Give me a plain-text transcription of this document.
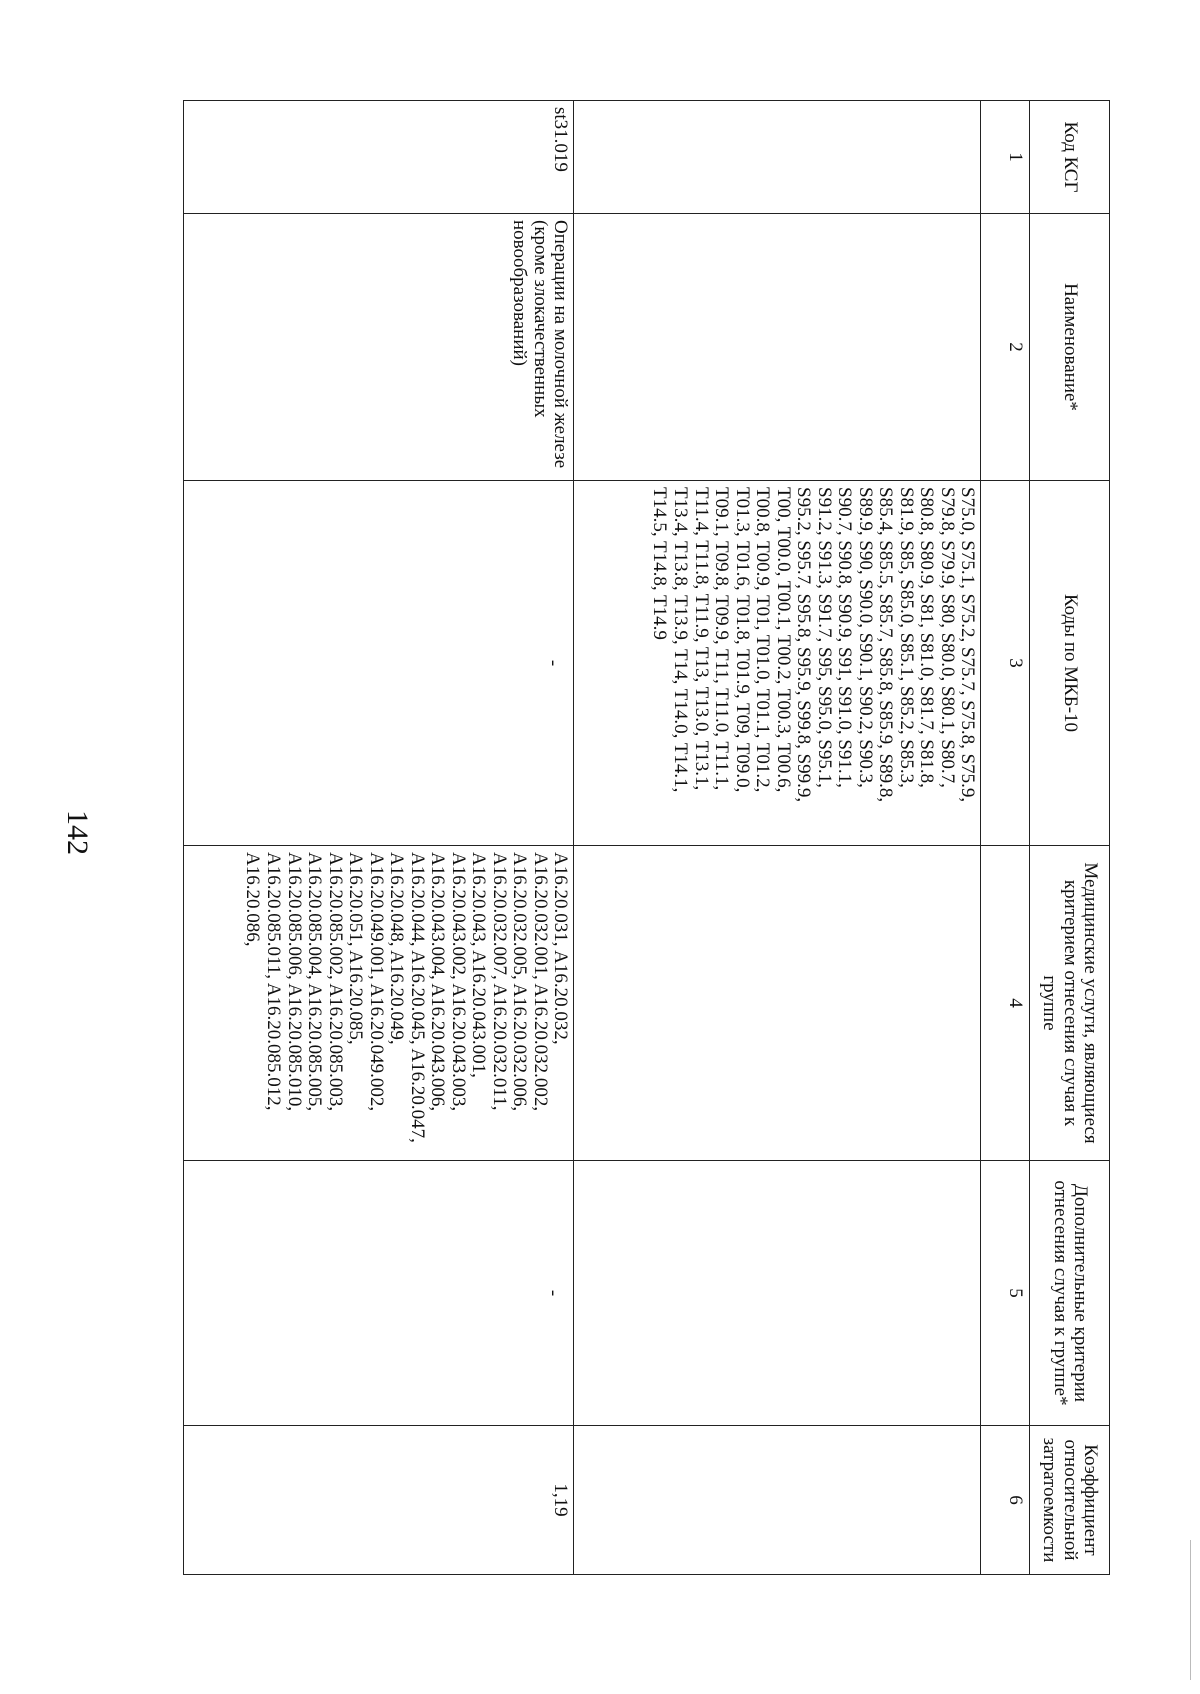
142
Код КСГ	Наименование*	Коды по МКБ-10	Медицинские услуги, являющиеся критерием отнесения случая к группе	Дополнительные критерии отнесения случая к группе*	Коэффициент относительной затратоемкости
1	2	3	4	5	6
		S75.0, S75.1, S75.2, S75.7, S75.8, S75.9, S79.8, S79.9, S80, S80.0, S80.1, S80.7, S80.8, S80.9, S81, S81.0, S81.7, S81.8, S81.9, S85, S85.0, S85.1, S85.2, S85.3, S85.4, S85.5, S85.7, S85.8, S85.9, S89.8, S89.9, S90, S90.0, S90.1, S90.2, S90.3, S90.7, S90.8, S90.9, S91, S91.0, S91.1, S91.2, S91.3, S91.7, S95, S95.0, S95.1, S95.2, S95.7, S95.8, S95.9, S99.8, S99.9, T00, T00.0, T00.1, T00.2, T00.3, T00.6, T00.8, T00.9, T01, T01.0, T01.1, T01.2, T01.3, T01.6, T01.8, T01.9, T09, T09.0, T09.1, T09.8, T09.9, T11, T11.0, T11.1, T11.4, T11.8, T11.9, T13, T13.0, T13.1, T13.4, T13.8, T13.9, T14, T14.0, T14.1, T14.5, T14.8, T14.9			
st31.019	Операции на молочной железе (кроме злокачественных новообразований)	-	A16.20.031, A16.20.032, A16.20.032.001, A16.20.032.002, A16.20.032.005, A16.20.032.006, A16.20.032.007, A16.20.032.011, A16.20.043, A16.20.043.001, A16.20.043.002, A16.20.043.003, A16.20.043.004, A16.20.043.006, A16.20.044, A16.20.045, A16.20.047, A16.20.048, A16.20.049, A16.20.049.001, A16.20.049.002, A16.20.051, A16.20.085, A16.20.085.002, A16.20.085.003, A16.20.085.004, A16.20.085.005, A16.20.085.006, A16.20.085.010, A16.20.085.011, A16.20.085.012, A16.20.086,	-	1,19
